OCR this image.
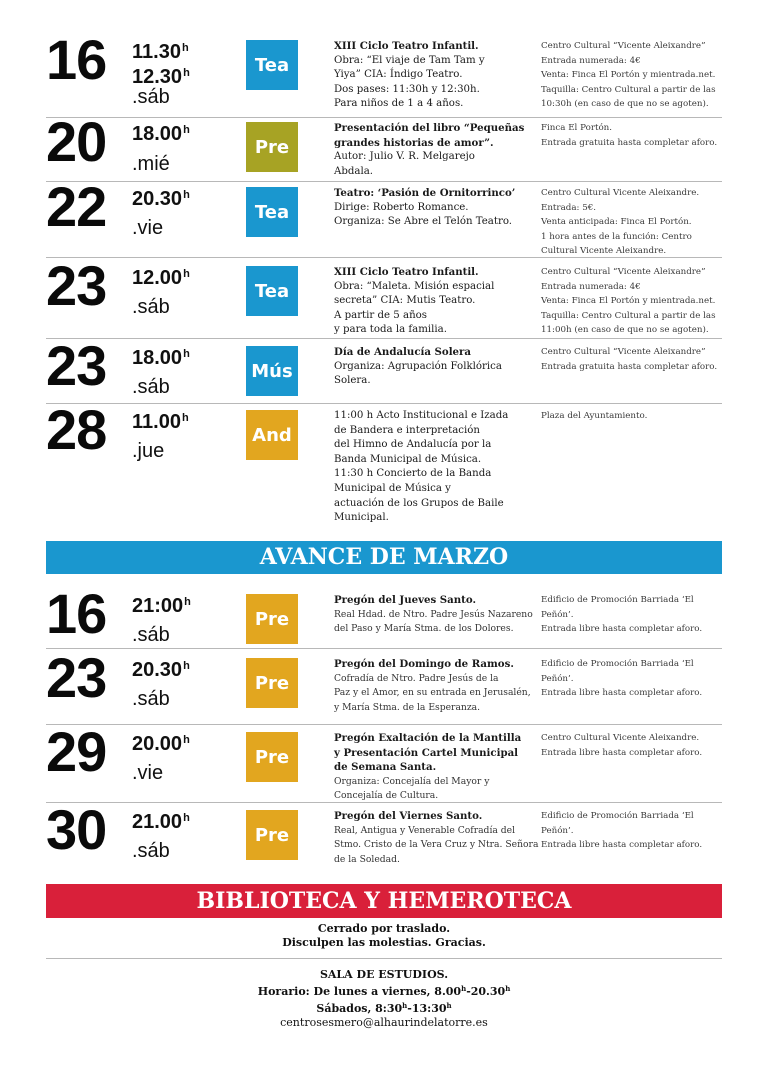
16 11.30$^h$
12.30$^h$
.sáb
Tea
XIII Ciclo Teatro Infantil.
Obra: “El viaje de Tam Tam y
Yiya” CIA: Índigo Teatro.
Dos pases: 11:30h y 12:30h.
Para niños de 1 a 4 años.
Centro Cultural “Vicente Aleixandre”
Entrada numerada: 4€
Venta: Finca El Portón y mientrada.net.
Taquilla: Centro Cultural a partir de las
10:30h (en caso de que no se agoten).
20 18.00$^h$
.mié
Pre
Presentación del libro “Pequeñas
grandes historias de amor”.
Autor: Julio V. R. Melgarejo
Abdala.
Finca El Portón.
Entrada gratuita hasta completar aforo.
22 20.30$^h$
.vie
Tea
Teatro: ‘Pasión de Ornitorrinco’
Dirige: Roberto Romance.
Organiza: Se Abre el Telón Teatro.
Centro Cultural Vicente Aleixandre.
Entrada: 5€.
Venta anticipada: Finca El Portón.
1 hora antes de la función: Centro
Cultural Vicente Aleixandre.
23 12.00$^h$
.sáb
Tea
XIII Ciclo Teatro Infantil.
Obra: “Maleta. Misión espacial
secreta” CIA: Mutis Teatro.
A partir de 5 años
y para toda la familia.
Centro Cultural “Vicente Aleixandre”
Entrada numerada: 4€
Venta: Finca El Portón y mientrada.net.
Taquilla: Centro Cultural a partir de las
11:00h (en caso de que no se agoten).
23 18.00$^h$
.sáb
Mús
Día de Andalucía Solera
Organiza: Agrupación Folklórica
Solera.
Centro Cultural “Vicente Aleixandre”
Entrada gratuita hasta completar aforo.
28 11.00$^h$
.jue
And
11:00 h Acto Institucional e Izada
de Bandera e interpretación
del Himno de Andalucía por la
Banda Municipal de Música.
11:30 h Concierto de la Banda
Municipal de Música y
actuación de los Grupos de Baile
Municipal.
Plaza del Ayuntamiento.
AVANCE DE MARZO
16 21:00$^h$
.sáb
Pre
Pregón del Jueves Santo.
Real Hdad. de Ntro. Padre Jesús Nazareno
del Paso y María Stma. de los Dolores.
Edificio de Promoción Barriada ‘El
Peñón’.
Entrada libre hasta completar aforo.
23 20.30$^h$
.sáb
Pre
Pregón del Domingo de Ramos.
Cofradía de Ntro. Padre Jesús de la
Paz y el Amor, en su entrada en Jerusalén,
y María Stma. de la Esperanza.
Edificio de Promoción Barriada ‘El
Peñón’.
Entrada libre hasta completar aforo.
29 20.00$^h$
.vie
Pre
Pregón Exaltación de la Mantilla
y Presentación Cartel Municipal
de Semana Santa.
Organiza: Concejalía del Mayor y
Concejalía de Cultura.
Centro Cultural Vicente Aleixandre.
Entrada libre hasta completar aforo.
30 21.00$^h$
.sáb
Pre
Pregón del Viernes Santo.
Real, Antigua y Venerable Cofradía del
Stmo. Cristo de la Vera Cruz y Ntra. Señora
de la Soledad.
Edificio de Promoción Barriada ‘El
Peñón’.
Entrada libre hasta completar aforo.
BIBLIOTECA Y HEMEROTECA
Cerrado por traslado.
Disculpen las molestias. Gracias.
SALA DE ESTUDIOS.
Horario: De lunes a viernes, 8.00$^h$-20.30$^h$
Sábados, 8:30$^h$-13:30$^h$
centrosesmero@alhaurindelatorre.es
